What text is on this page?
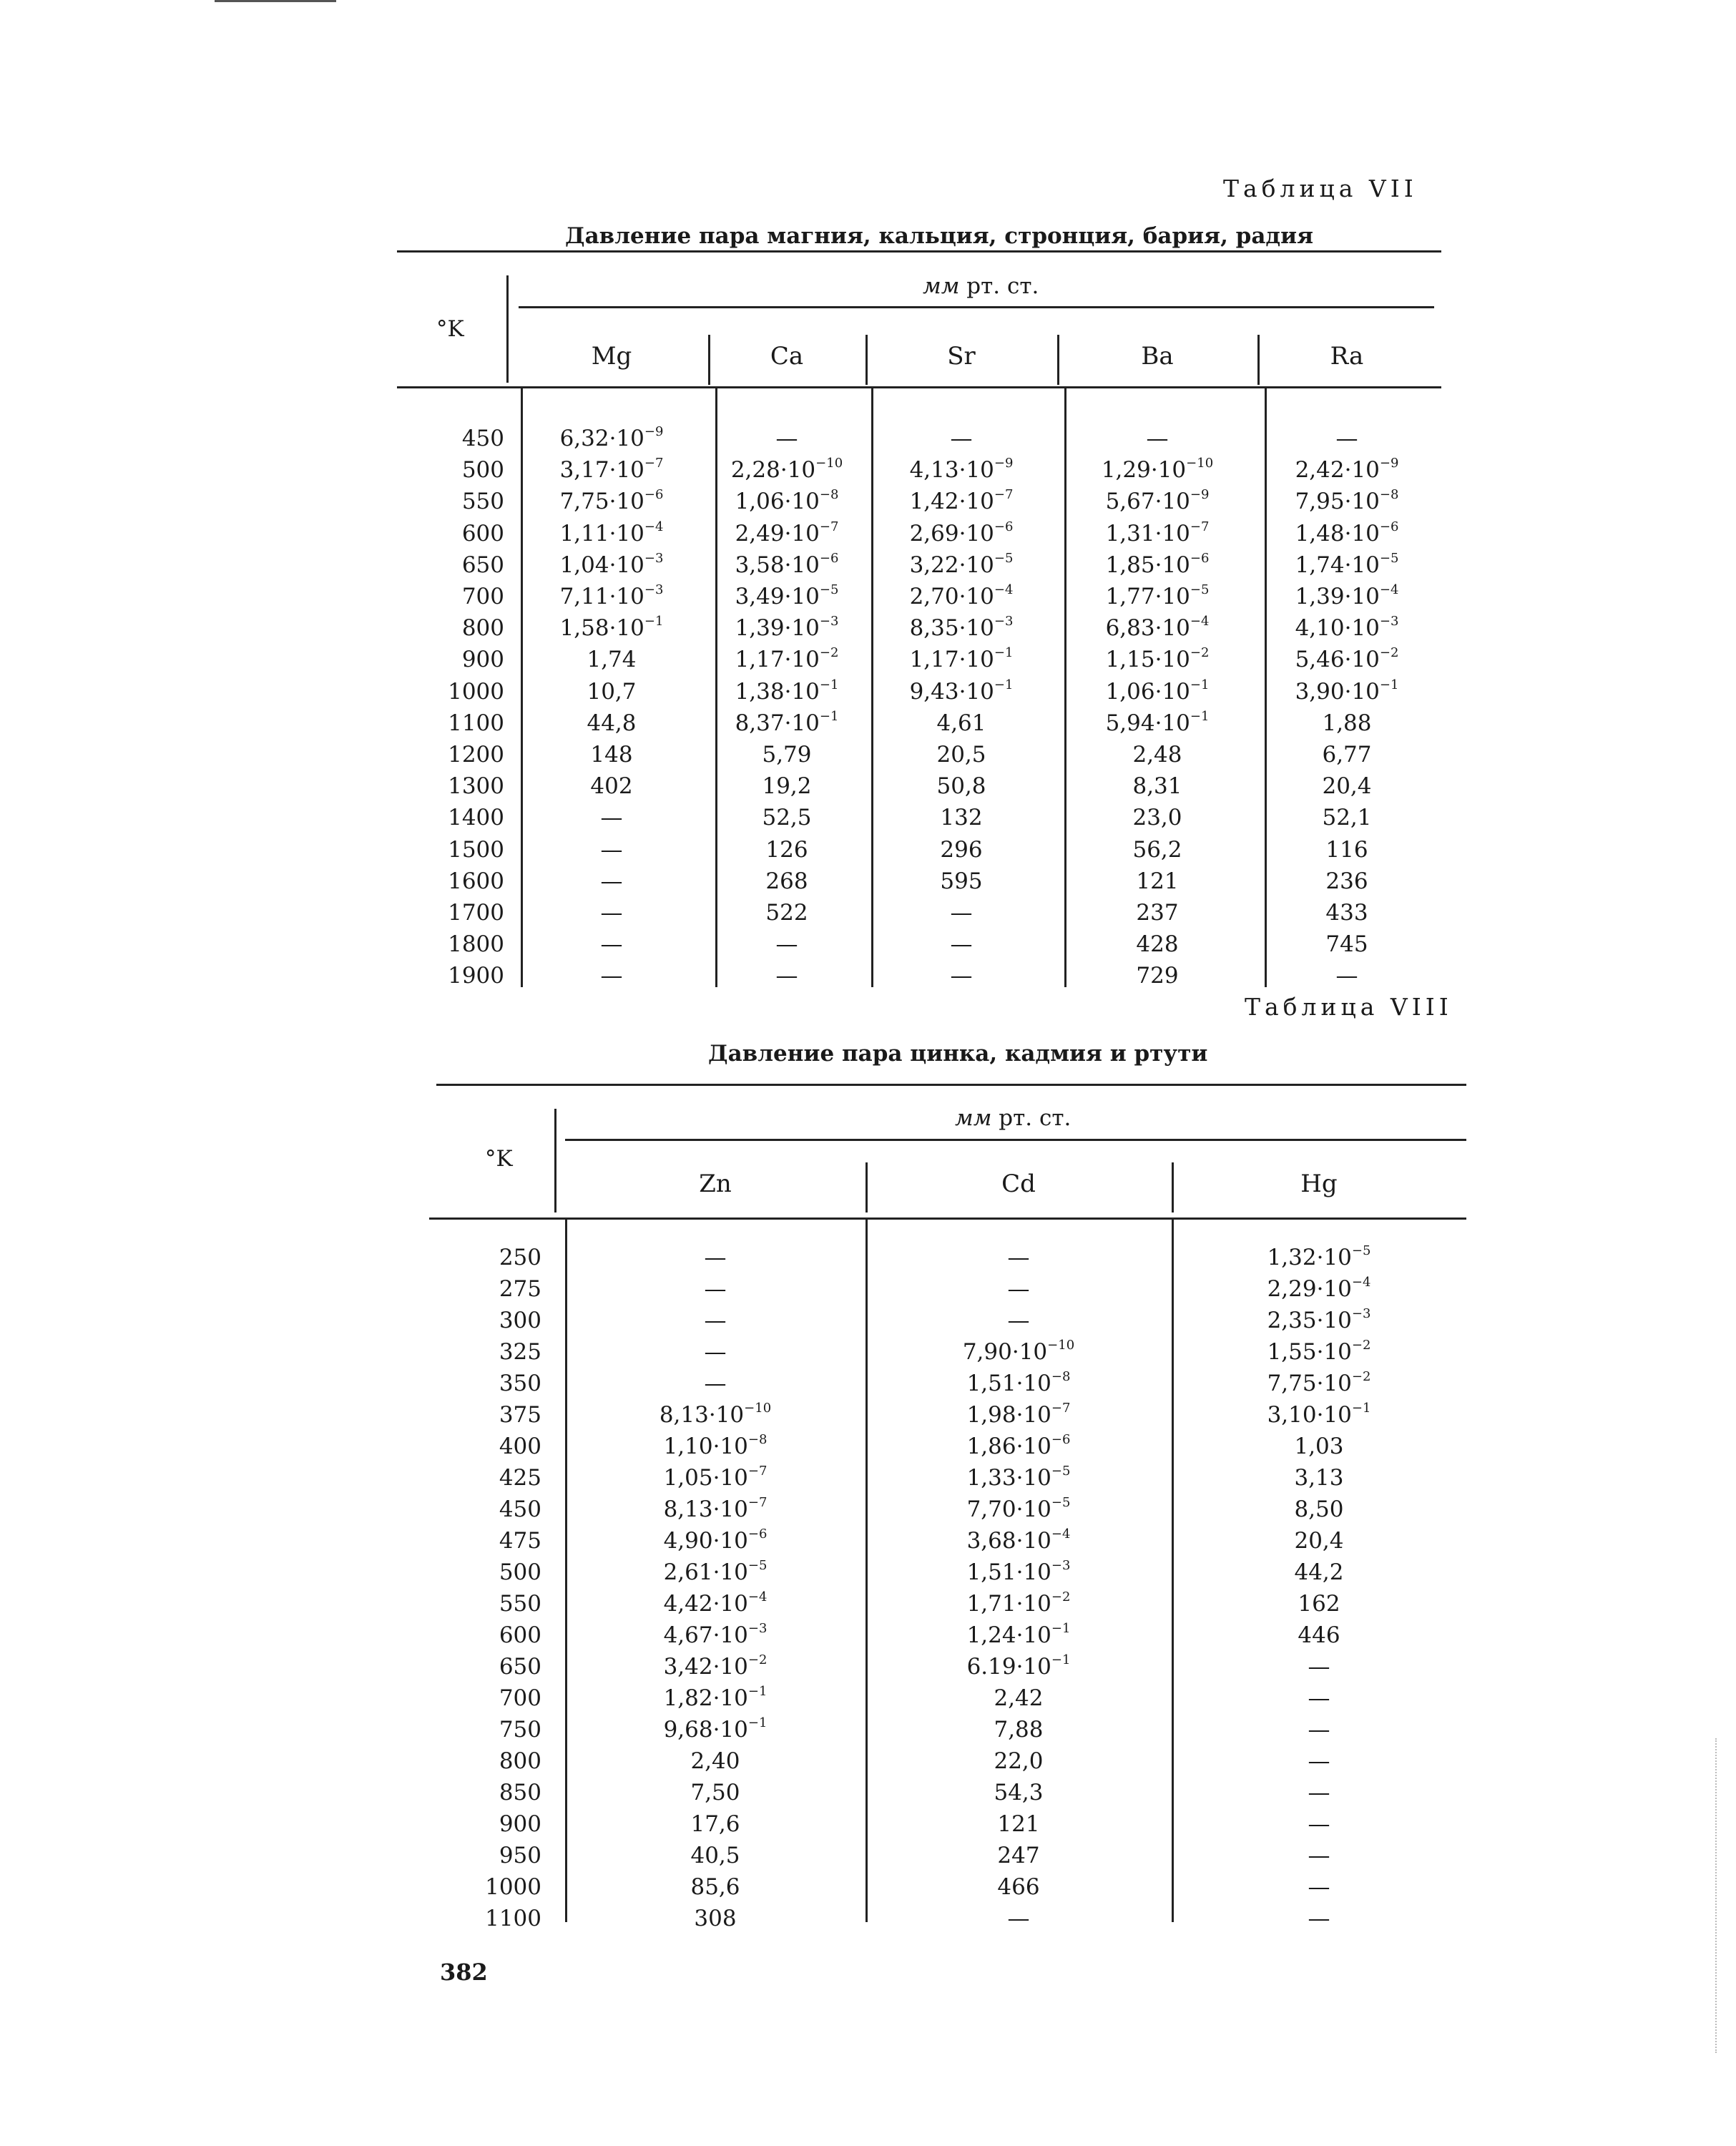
Таблица VII
Давление пара магния, кальция, стронция, бария, радия
мм рт. ст.
°K
Mg	Ca	Sr	Ba	Ra
450	$6,32\cdot 10^{-9}$	—	—	—	—
500	$3,17\cdot 10^{-7}$	$2,28\cdot 10^{-10}$	$4,13\cdot 10^{-9}$	$1,29\cdot 10^{-10}$	$2,42\cdot 10^{-9}$
550	$7,75\cdot 10^{-6}$	$1,06\cdot 10^{-8}$	$1,42\cdot 10^{-7}$	$5,67\cdot 10^{-9}$	$7,95\cdot 10^{-8}$
600	$1,11\cdot 10^{-4}$	$2,49\cdot 10^{-7}$	$2,69\cdot 10^{-6}$	$1,31\cdot 10^{-7}$	$1,48\cdot 10^{-6}$
650	$1,04\cdot 10^{-3}$	$3,58\cdot 10^{-6}$	$3,22\cdot 10^{-5}$	$1,85\cdot 10^{-6}$	$1,74\cdot 10^{-5}$
700	$7,11\cdot 10^{-3}$	$3,49\cdot 10^{-5}$	$2,70\cdot 10^{-4}$	$1,77\cdot 10^{-5}$	$1,39\cdot 10^{-4}$
800	$1,58\cdot 10^{-1}$	$1,39\cdot 10^{-3}$	$8,35\cdot 10^{-3}$	$6,83\cdot 10^{-4}$	$4,10\cdot 10^{-3}$
900	1,74	$1,17\cdot 10^{-2}$	$1,17\cdot 10^{-1}$	$1,15\cdot 10^{-2}$	$5,46\cdot 10^{-2}$
1000	10,7	$1,38\cdot 10^{-1}$	$9,43\cdot 10^{-1}$	$1,06\cdot 10^{-1}$	$3,90\cdot 10^{-1}$
1100	44,8	$8,37\cdot 10^{-1}$	4,61	$5,94\cdot 10^{-1}$	1,88
1200	148	5,79	20,5	2,48	6,77
1300	402	19,2	50,8	8,31	20,4
1400	—	52,5	132	23,0	52,1
1500	—	126	296	56,2	116
1600	—	268	595	121	236
1700	—	522	—	237	433
1800	—	—	—	428	745
1900	—	—	—	729	—
Таблица VIII
Давление пара цинка, кадмия и ртути
мм рт. ст.
°K
Zn	Cd	Hg
250	—	—	$1,32\cdot 10^{-5}$
275	—	—	$2,29\cdot 10^{-4}$
300	—	—	$2,35\cdot 10^{-3}$
325	—	$7,90\cdot 10^{-10}$	$1,55\cdot 10^{-2}$
350	—	$1,51\cdot 10^{-8}$	$7,75\cdot 10^{-2}$
375	$8,13\cdot 10^{-10}$	$1,98\cdot 10^{-7}$	$3,10\cdot 10^{-1}$
400	$1,10\cdot 10^{-8}$	$1,86\cdot 10^{-6}$	1,03
425	$1,05\cdot 10^{-7}$	$1,33\cdot 10^{-5}$	3,13
450	$8,13\cdot 10^{-7}$	$7,70\cdot 10^{-5}$	8,50
475	$4,90\cdot 10^{-6}$	$3,68\cdot 10^{-4}$	20,4
500	$2,61\cdot 10^{-5}$	$1,51\cdot 10^{-3}$	44,2
550	$4,42\cdot 10^{-4}$	$1,71\cdot 10^{-2}$	162
600	$4,67\cdot 10^{-3}$	$1,24\cdot 10^{-1}$	446
650	$3,42\cdot 10^{-2}$	$6.19\cdot 10^{-1}$	—
700	$1,82\cdot 10^{-1}$	2,42	—
750	$9,68\cdot 10^{-1}$	7,88	—
800	2,40	22,0	—
850	7,50	54,3	—
900	17,6	121	—
950	40,5	247	—
1000	85,6	466	—
1100	308	—	—
382
